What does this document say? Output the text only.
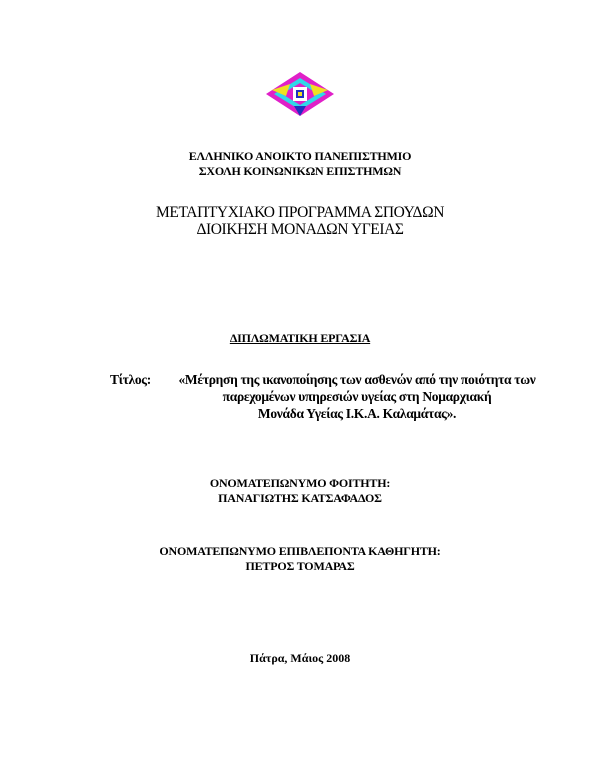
ΕΛΛΗΝΙΚΟ ΑΝΟΙΚΤΟ ΠΑΝΕΠΙΣΤΗΜΙΟ
ΣΧΟΛΗ ΚΟΙΝΩΝΙΚΩΝ ΕΠΙΣΤΗΜΩΝ
ΜΕΤΑΠΤΥΧΙΑΚΟ ΠΡΟΓΡΑΜΜΑ ΣΠΟΥΔΩΝ
ΔΙΟΙΚΗΣΗ ΜΟΝΑΔΩΝ ΥΓΕΙΑΣ
ΔΙΠΛΩΜΑΤΙΚΗ ΕΡΓΑΣΙΑ
Τίτλος:	«Μέτρηση της ικανοποίησης των ασθενών από την ποιότητα των
παρεχομένων υπηρεσιών υγείας στη Νομαρχιακή
Μονάδα Υγείας Ι.Κ.Α. Καλαμάτας».
ΟΝΟΜΑΤΕΠΩΝΥΜΟ ΦΟΙΤΗΤΗ:
ΠΑΝΑΓΙΩΤΗΣ ΚΑΤΣΑΦΑΔΟΣ
ΟΝΟΜΑΤΕΠΩΝΥΜΟ ΕΠΙΒΛΕΠΟΝΤΑ ΚΑΘΗΓΗΤΗ:
ΠΕΤΡΟΣ ΤΟΜΑΡΑΣ
Πάτρα, Μάιος 2008
